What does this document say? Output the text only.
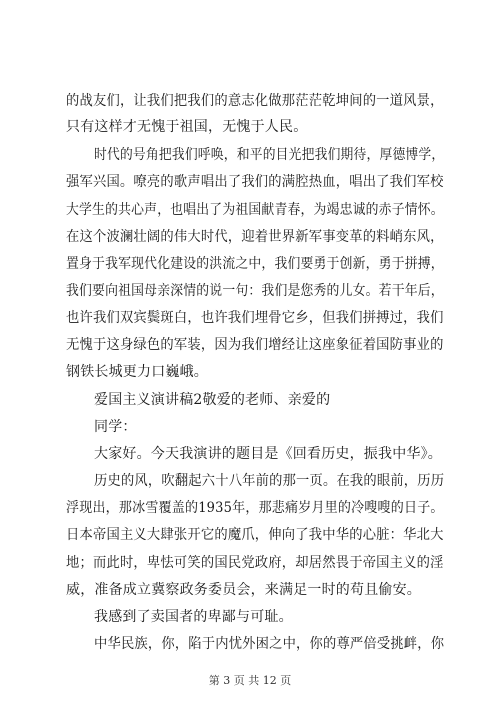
的战友们，让我们把我们的意志化做那茫茫乾坤间的一道风景，
只有这样才无愧于祖国，无愧于人民。
时代的号角把我们呼唤，和平的目光把我们期待，厚德博学，
强军兴国。嘹亮的歌声唱出了我们的满腔热血，唱出了我们军校
大学生的共心声，也唱出了为祖国献青春，为竭忠诚的赤子情怀。
在这个波澜壮阔的伟大时代，迎着世界新军事变革的料峭东风，
置身于我军现代化建设的洪流之中，我们要勇于创新，勇于拼搏，
我们要向祖国母亲深情的说一句：我们是您秀的儿女。若干年后，
也许我们双宾鬓斑白，也许我们埋骨它乡，但我们拼搏过，我们
无愧于这身绿色的军装，因为我们增经让这座象征着国防事业的
钢铁长城更力口巍峨。
爱国主义演讲稿2敬爱的老师、亲爱的
同学：
大家好。今天我演讲的题目是《回看历史，振我中华》。
历史的风，吹翻起六十八年前的那一页。在我的眼前，历历
浮现出，那冰雪覆盖的1935年，那悲痛岁月里的冷嗖嗖的日子。
日本帝国主义大肆张开它的魔爪，伸向了我中华的心脏：华北大
地；而此时，卑怯可笑的国民党政府，却居然畏于帝国主义的淫
威，准备成立冀察政务委员会，来满足一时的苟且偷安。
我感到了卖国者的卑鄙与可耻。
中华民族，你，陷于内忧外困之中，你的尊严倍受挑衅，你
第 3 页 共 12 页
